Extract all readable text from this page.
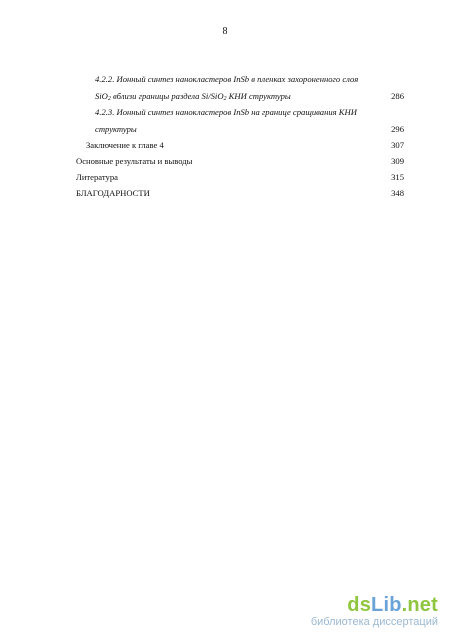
8
4.2.2. Ионный синтез нанокластеров InSb в пленках захороненного слоя
SiO$_2$ вблизи границы раздела Si/SiO$_2$ КНИ структуры	286
4.2.3. Ионный синтез нанокластеров InSb на границе сращивания КНИ
структуры	296
Заключение к главе 4	307
Основные результаты и выводы	309
Литература	315
БЛАГОДАРНОСТИ	348
dsLib.net
библиотека диссертаций
